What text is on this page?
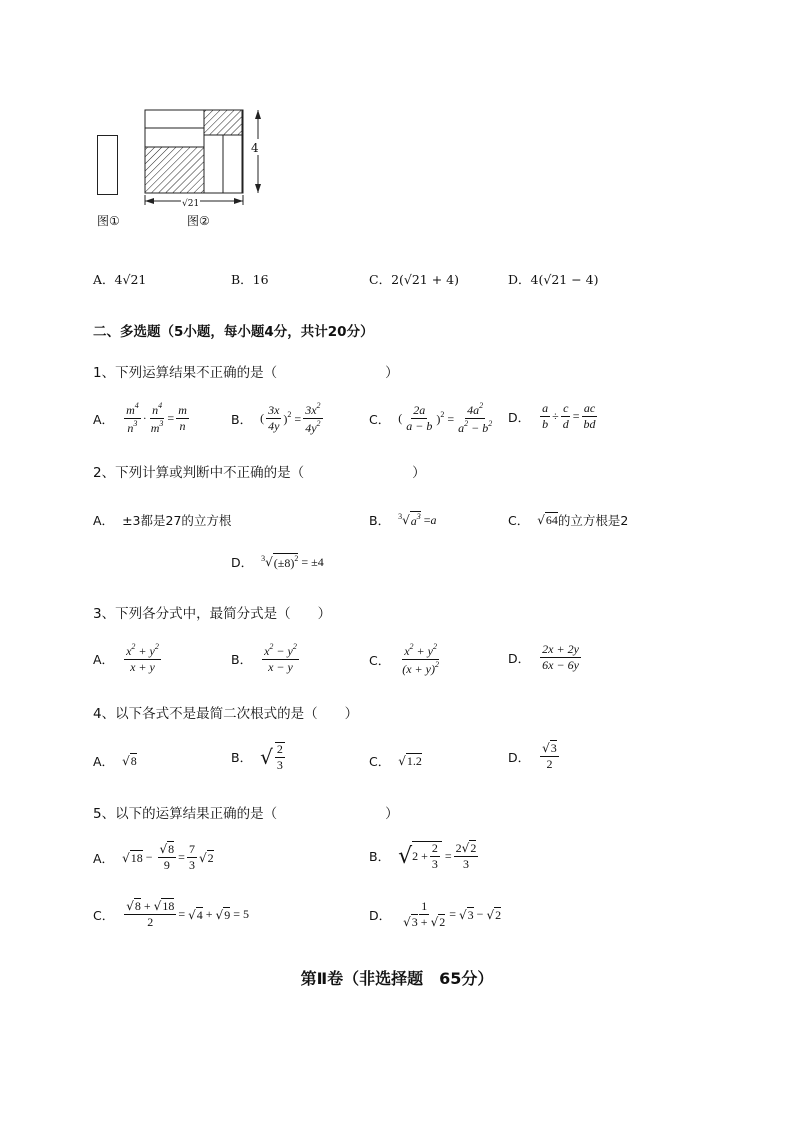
图①
4
√21
图②
A．4√21	B．16	C．2(√21 + 4)	D．4(√21 − 4)
二、多选题（5小题，每小题4分，共计20分）
1、下列运算结果不正确的是（　　　　　　　　）
A． $\frac{m^4}{n^3} \cdot \frac{n^4}{m^3} = \frac{m}{n}$	B． ( $\frac{3x}{4y} )^2 = \frac{3x^2}{4y^2}$	C． ( $\frac{2a}{a - b} )^2 = \frac{4a^2}{a^2 - b^2}$ D． $\frac{a}{b} \div \frac{c}{d} = \frac{ac}{bd}$
2、下列计算或判断中不正确的是（　　　　　　　　）
A． ±3都是27的立方根	B． $^3$ √ $a^3 = a$	C． √ 64 的立方根是2
D． $^3$ √ $(\pm 8)^2 = \pm 4$
3、下列各分式中，最简分式是（　　）
A． $\frac{x^2 + y^2}{x + y}$	B． $\frac{x^2 - y^2}{x - y}$	C． $\frac{x^2 + y^2}{(x + y)^2}$	D． $\frac{2x + 2y}{6x - 6y}$
4、以下各式不是最简二次根式的是（　　）
A． √ 8	B． √ $\frac{2}{3}$	C． √ 1.2	D． $\frac{√3}{2}$
5、以下的运算结果正确的是（　　　　　　　　）
A． √ $18 - \frac{√8}{9} = \frac{7}{3}$ √ 2	B． √ $2 + \frac{2}{3} = \frac{2√2}{3}$
C． $\frac{√8 + √18}{2}$ = √ 4 + √ 9 = 5	D． $\frac{1}{√3 + √2}$ = √ 3 − √ 2
第Ⅱ卷（非选择题　65分）
